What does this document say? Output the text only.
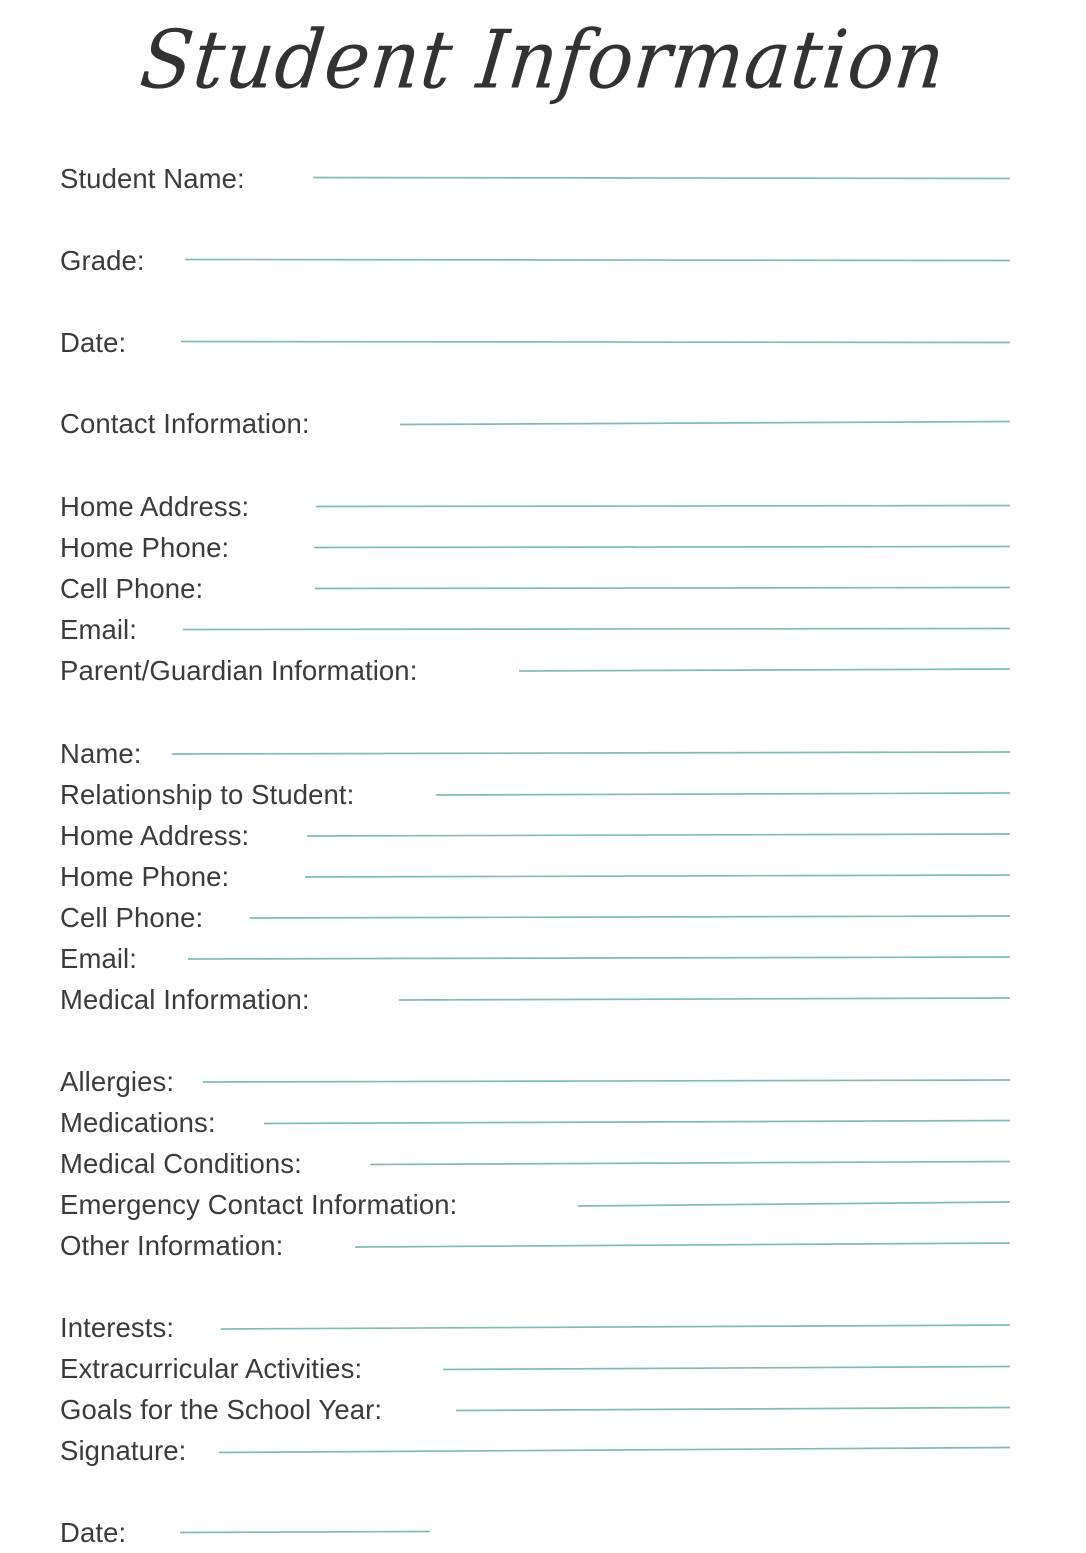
Student Information
Student Name:
Grade:
Date:
Contact Information:
Home Address:
Home Phone:
Cell Phone:
Email:
Parent/Guardian Information:
Name:
Relationship to Student:
Home Address:
Home Phone:
Cell Phone:
Email:
Medical Information:
Allergies:
Medications:
Medical Conditions:
Emergency Contact Information:
Other Information:
Interests:
Extracurricular Activities:
Goals for the School Year:
Signature:
Date:
